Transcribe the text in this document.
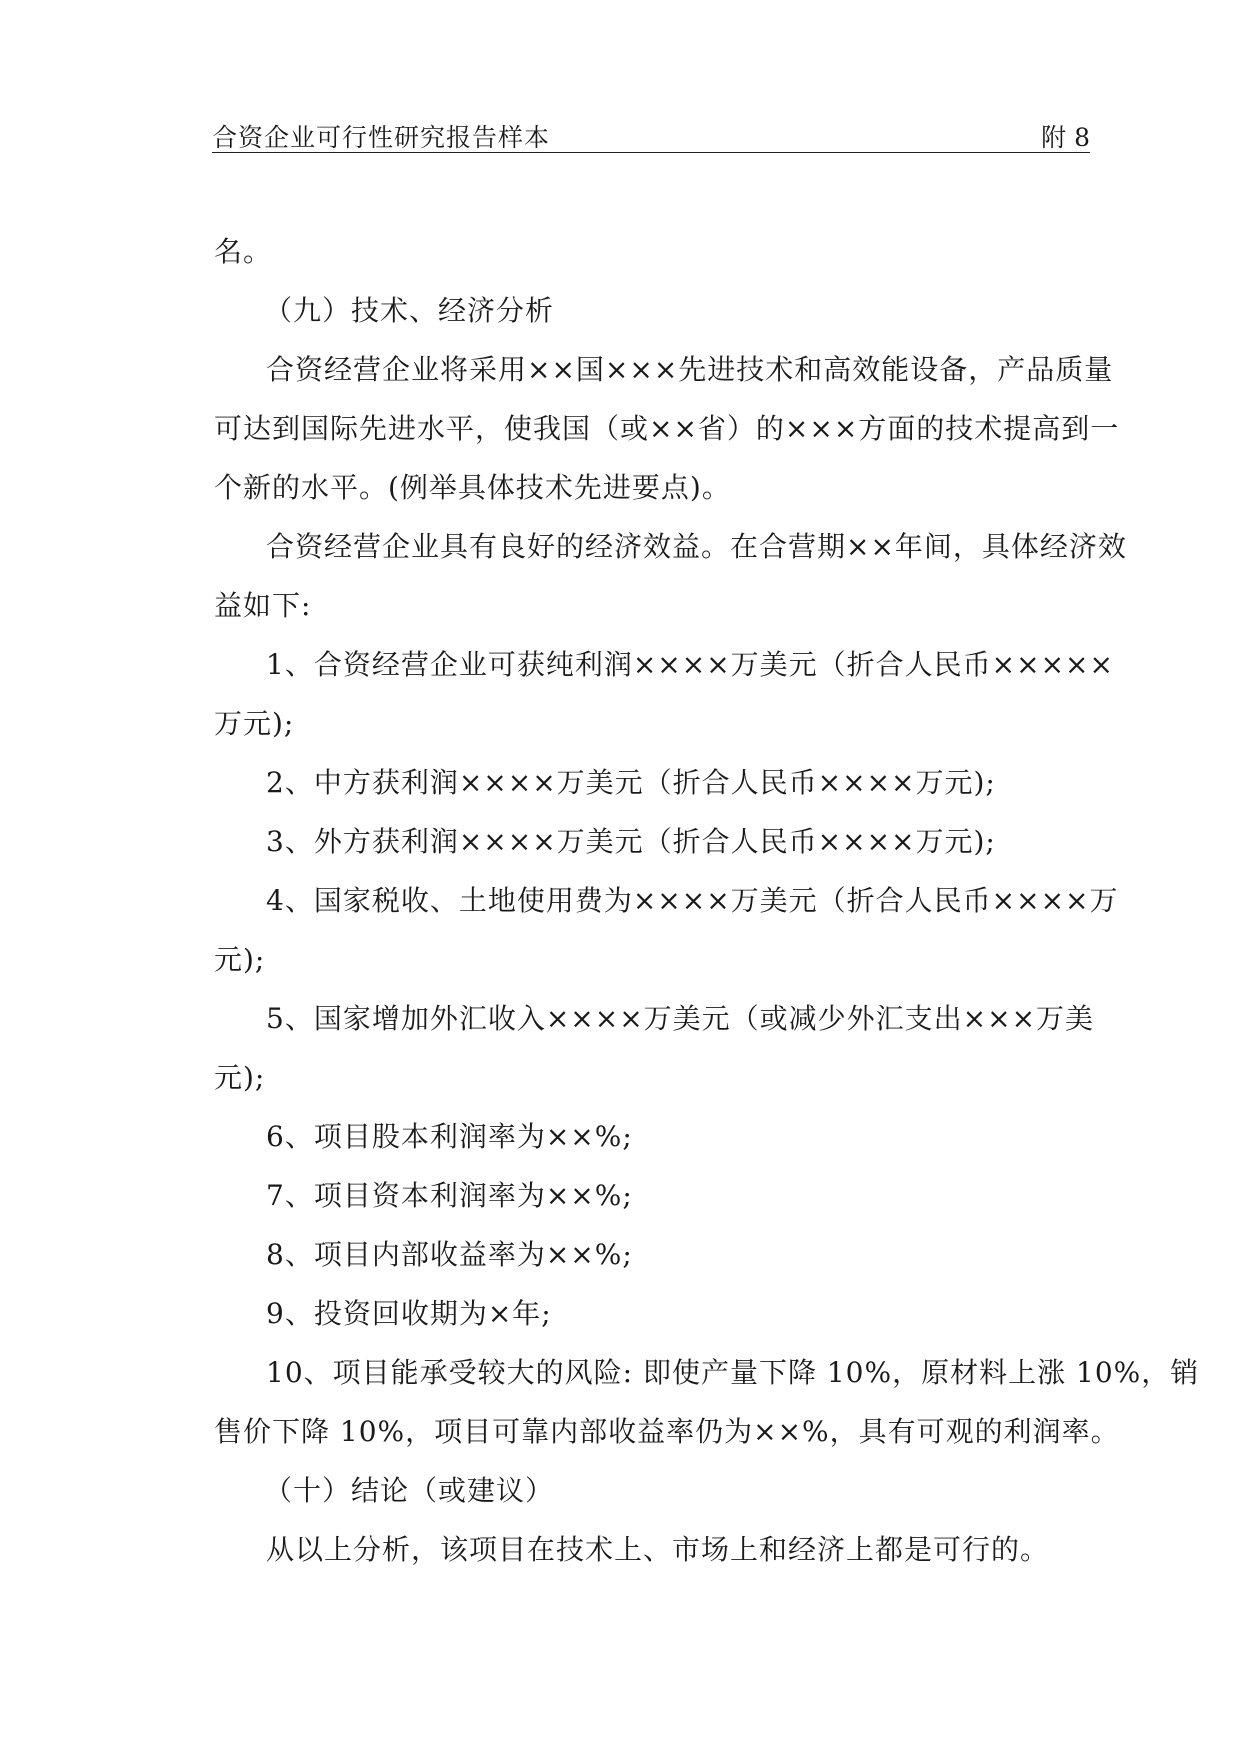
合资企业可行性研究报告样本	附 8

名。

（九）技术、经济分析

合资经营企业将采用××国×××先进技术和高效能设备，产品质量

可达到国际先进水平，使我国（或××省）的×××方面的技术提高到一

个新的水平。(例举具体技术先进要点)。

合资经营企业具有良好的经济效益。在合营期××年间，具体经济效

益如下:

1、合资经营企业可获纯利润××××万美元（折合人民币×××××

万元);

2、中方获利润××××万美元（折合人民币××××万元);

3、外方获利润××××万美元（折合人民币××××万元);

4、国家税收、土地使用费为××××万美元（折合人民币××××万

元);

5、国家增加外汇收入××××万美元（或减少外汇支出×××万美

元);

6、项目股本利润率为××%;

7、项目资本利润率为××%;

8、项目内部收益率为××%;

9、投资回收期为×年;

10、项目能承受较大的风险: 即使产量下降 10%，原材料上涨 10%，销

售价下降 10%，项目可靠内部收益率仍为××%，具有可观的利润率。

（十）结论（或建议）

从以上分析，该项目在技术上、市场上和经济上都是可行的。
